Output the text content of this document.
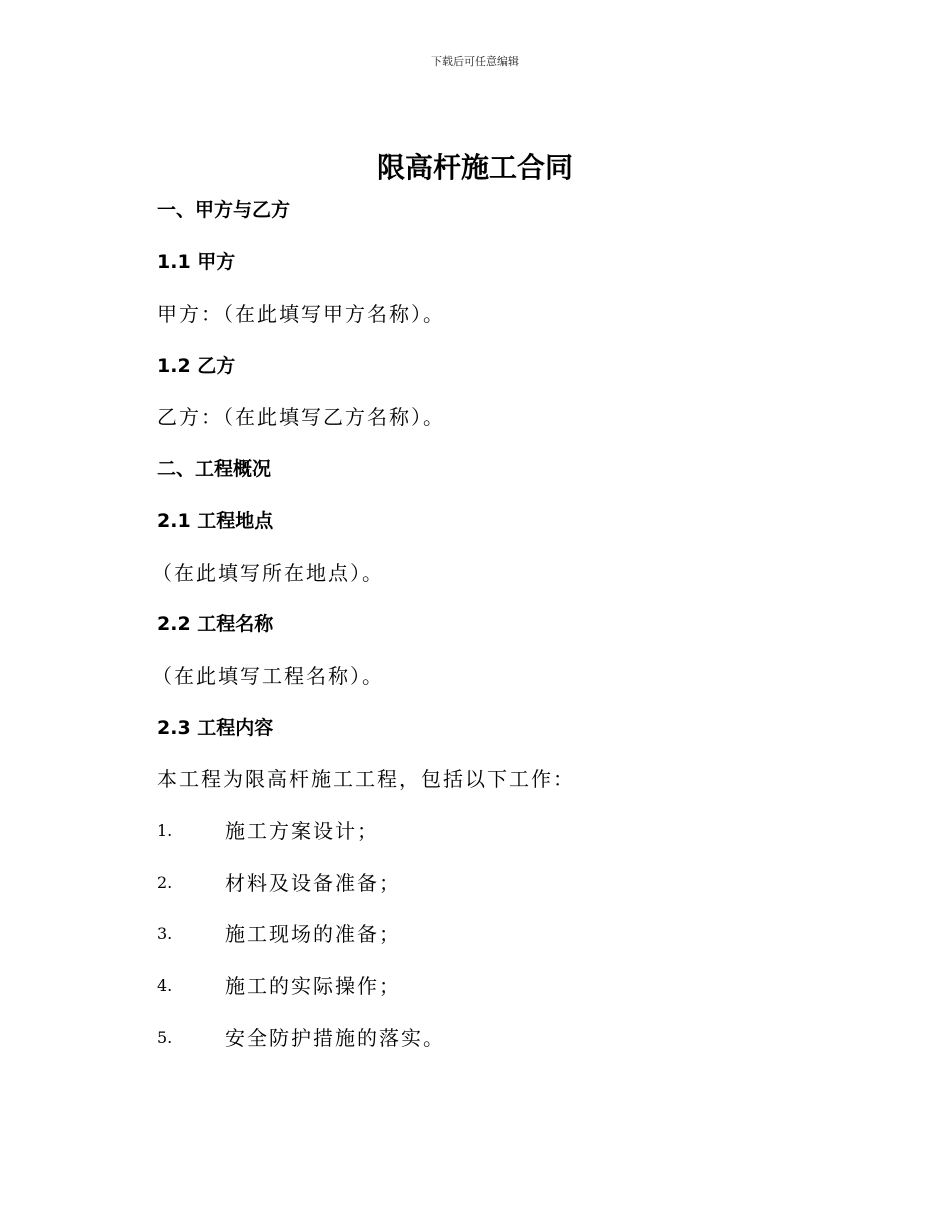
下载后可任意编辑
限高杆施工合同
一、甲方与乙方
1.1 甲方
甲方：（在此填写甲方名称）。
1.2 乙方
乙方：（在此填写乙方名称）。
二、工程概况
2.1 工程地点
（在此填写所在地点）。
2.2 工程名称
（在此填写工程名称）。
2.3 工程内容
本工程为限高杆施工工程，包括以下工作：
1.	施工方案设计；
2.	材料及设备准备；
3.	施工现场的准备；
4.	施工的实际操作；
5.	安全防护措施的落实。
